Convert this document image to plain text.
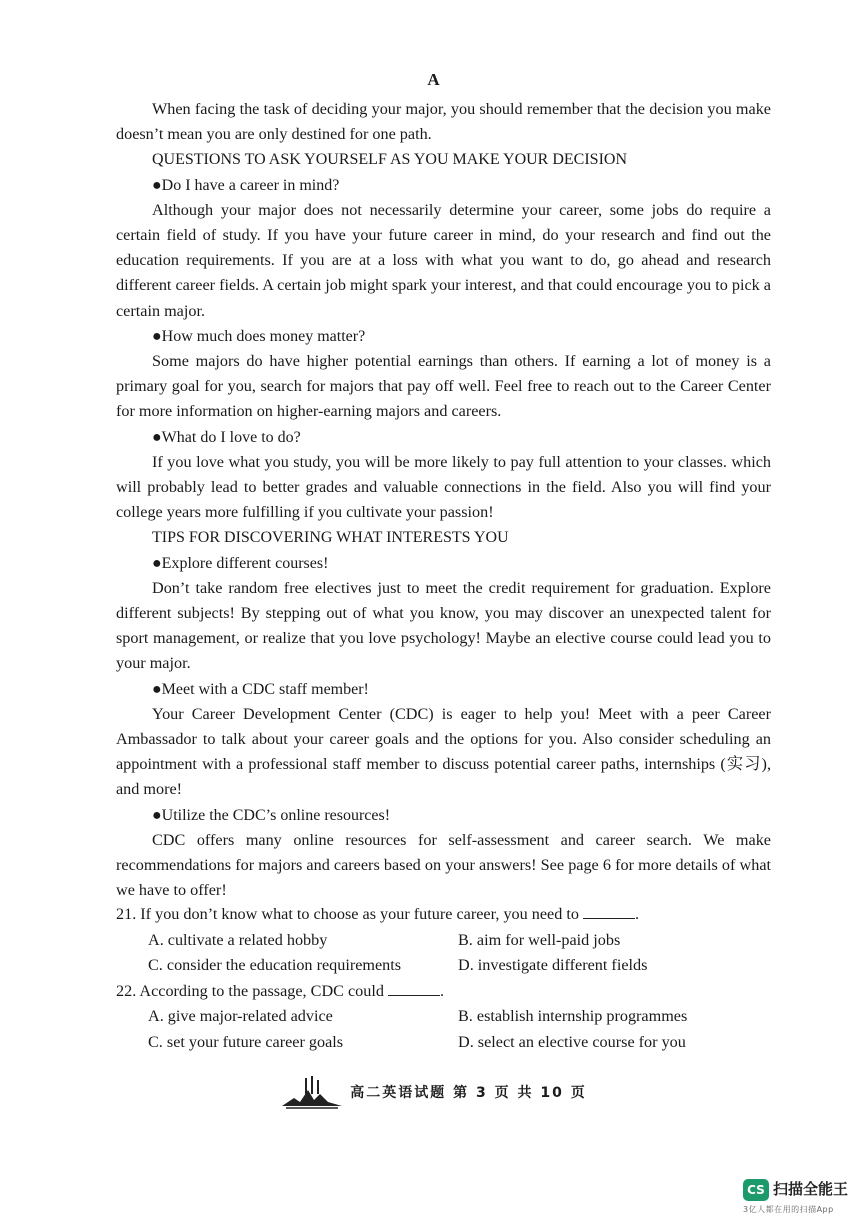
A

When facing the task of deciding your major, you should remember that the decision you make doesn’t mean you are only destined for one path.

QUESTIONS TO ASK YOURSELF AS YOU MAKE YOUR DECISION

●Do I have a career in mind?

Although your major does not necessarily determine your career, some jobs do require a certain field of study. If you have your future career in mind, do your research and find out the education requirements. If you are at a loss with what you want to do, go ahead and research different career fields. A certain job might spark your interest, and that could encourage you to pick a certain major.

●How much does money matter?

Some majors do have higher potential earnings than others. If earning a lot of money is a primary goal for you, search for majors that pay off well. Feel free to reach out to the Career Center for more information on higher-earning majors and careers.

●What do I love to do?

If you love what you study, you will be more likely to pay full attention to your classes. which will probably lead to better grades and valuable connections in the field. Also you will find your college years more fulfilling if you cultivate your passion!

TIPS FOR DISCOVERING WHAT INTERESTS YOU

●Explore different courses!

Don’t take random free electives just to meet the credit requirement for graduation. Explore different subjects! By stepping out of what you know, you may discover an unexpected talent for sport management, or realize that you love psychology! Maybe an elective course could lead you to your major.

●Meet with a CDC staff member!

Your Career Development Center (CDC) is eager to help you! Meet with a peer Career Ambassador to talk about your career goals and the options for you. Also consider scheduling an appointment with a professional staff member to discuss potential career paths, internships (实习), and more!

●Utilize the CDC’s online resources!

CDC offers many online resources for self-assessment and career search. We make recommendations for majors and careers based on your answers! See page 6 for more details of what we have to offer!

21. If you don’t know what to choose as your future career, you need to	.

A. cultivate a related hobby	B. aim for well-paid jobs
C. consider the education requirements	D. investigate different fields

22. According to the passage, CDC could	.

A. give major-related advice	B. establish internship programmes
C. set your future career goals	D. select an elective course for you
高二英语试题 第 3 页 共 10 页
CS 扫描全能王
3亿人都在用的扫描App
